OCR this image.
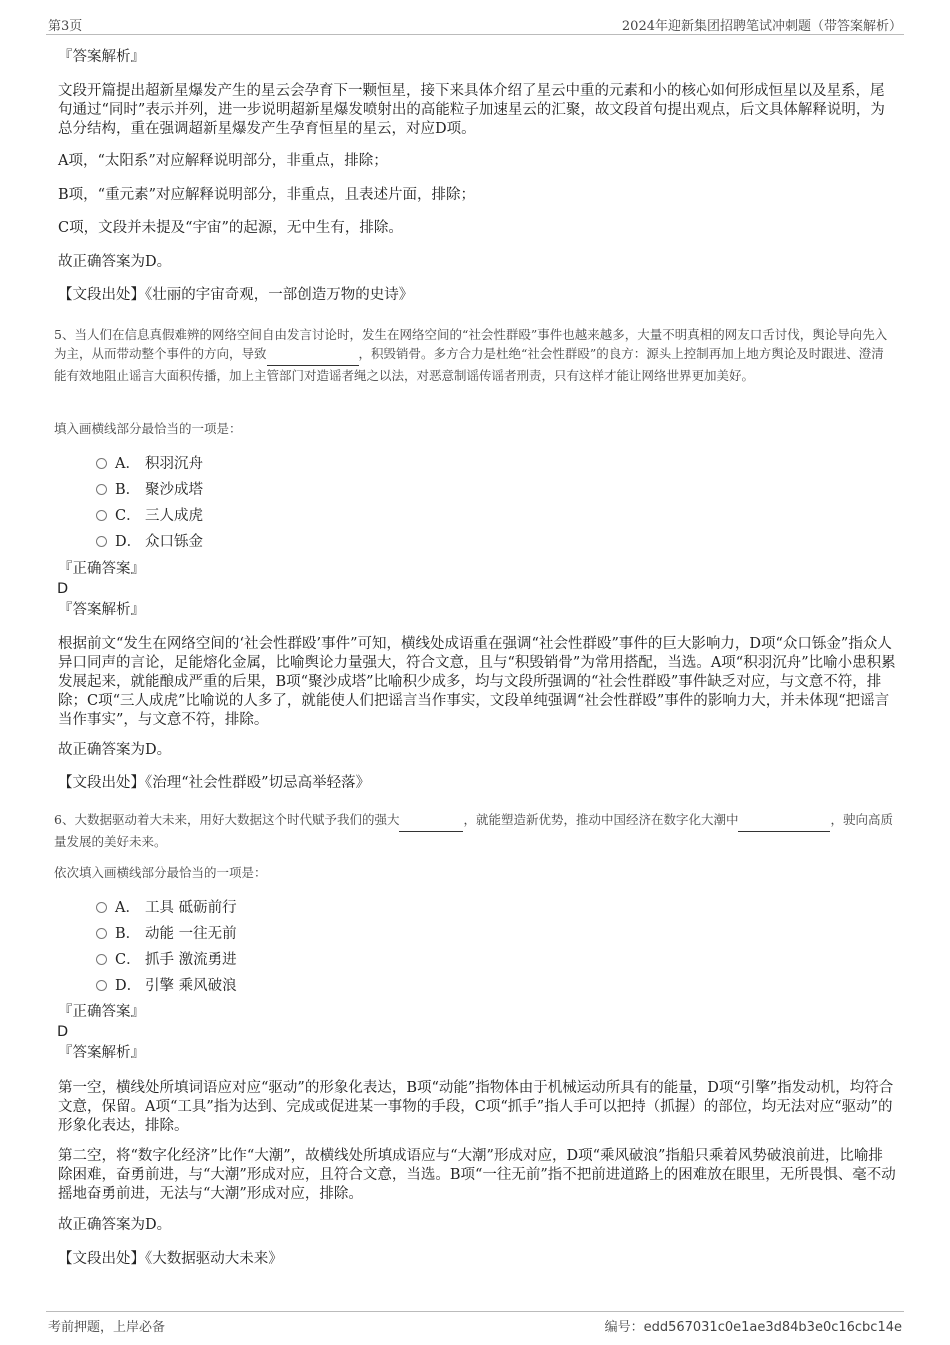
第3页	2024年迎新集团招聘笔试冲刺题（带答案解析）
『答案解析』

文段开篇提出超新星爆发产生的星云会孕育下一颗恒星，接下来具体介绍了星云中重的元素和小的核心如何形成恒星以及星系，尾句通过“同时”表示并列，进一步说明超新星爆发喷射出的高能粒子加速星云的汇聚，故文段首句提出观点，后文具体解释说明，为总分结构，重在强调超新星爆发产生孕育恒星的星云，对应D项。

A项，“太阳系”对应解释说明部分，非重点，排除；

B项，“重元素”对应解释说明部分，非重点，且表述片面，排除；

C项，文段并未提及“宇宙”的起源，无中生有，排除。

故正确答案为D。

【文段出处】《壮丽的宇宙奇观，一部创造万物的史诗》

5、当人们在信息真假难辨的网络空间自由发言讨论时，发生在网络空间的“社会性群殴”事件也越来越多，大量不明真相的网友口舌讨伐，舆论导向先入为主，从而带动整个事件的方向，导致	，积毁销骨。多方合力是杜绝“社会性群殴”的良方：源头上控制再加上地方舆论及时跟进、澄清能有效地阻止谣言大面积传播，加上主管部门对造谣者绳之以法，对恶意制谣传谣者刑责，只有这样才能让网络世界更加美好。

填入画横线部分最恰当的一项是：

A． 积羽沉舟
B． 聚沙成塔
C． 三人成虎
D． 众口铄金
『正确答案』
D
『答案解析』

根据前文“发生在网络空间的‘社会性群殴’事件”可知，横线处成语重在强调“社会性群殴”事件的巨大影响力，D项“众口铄金”指众人异口同声的言论，足能熔化金属，比喻舆论力量强大，符合文意，且与“积毁销骨”为常用搭配，当选。A项“积羽沉舟”比喻小患积累发展起来，就能酿成严重的后果，B项“聚沙成塔”比喻积少成多，均与文段所强调的“社会性群殴”事件缺乏对应，与文意不符，排除；C项“三人成虎”比喻说的人多了，就能使人们把谣言当作事实，文段单纯强调“社会性群殴”事件的影响力大，并未体现“把谣言当作事实”，与文意不符，排除。

故正确答案为D。

【文段出处】《治理“社会性群殴”切忌高举轻落》

6、大数据驱动着大未来，用好大数据这个时代赋予我们的强大	，就能塑造新优势，推动中国经济在数字化大潮中	，驶向高质量发展的美好未来。

依次填入画横线部分最恰当的一项是：

A． 工具 砥砺前行
B． 动能 一往无前
C． 抓手 激流勇进
D． 引擎 乘风破浪
『正确答案』
D
『答案解析』

第一空，横线处所填词语应对应“驱动”的形象化表达，B项“动能”指物体由于机械运动所具有的能量，D项“引擎”指发动机，均符合文意，保留。A项“工具”指为达到、完成或促进某一事物的手段，C项“抓手”指人手可以把持（抓握）的部位，均无法对应“驱动”的形象化表达，排除。

第二空，将“数字化经济”比作“大潮”，故横线处所填成语应与“大潮”形成对应，D项“乘风破浪”指船只乘着风势破浪前进，比喻排除困难，奋勇前进，与“大潮”形成对应，且符合文意，当选。B项“一往无前”指不把前进道路上的困难放在眼里，无所畏惧、毫不动摇地奋勇前进，无法与“大潮”形成对应，排除。

故正确答案为D。

【文段出处】《大数据驱动大未来》

考前押题，上岸必备	编号：edd567031c0e1ae3d84b3e0c16cbc14e
